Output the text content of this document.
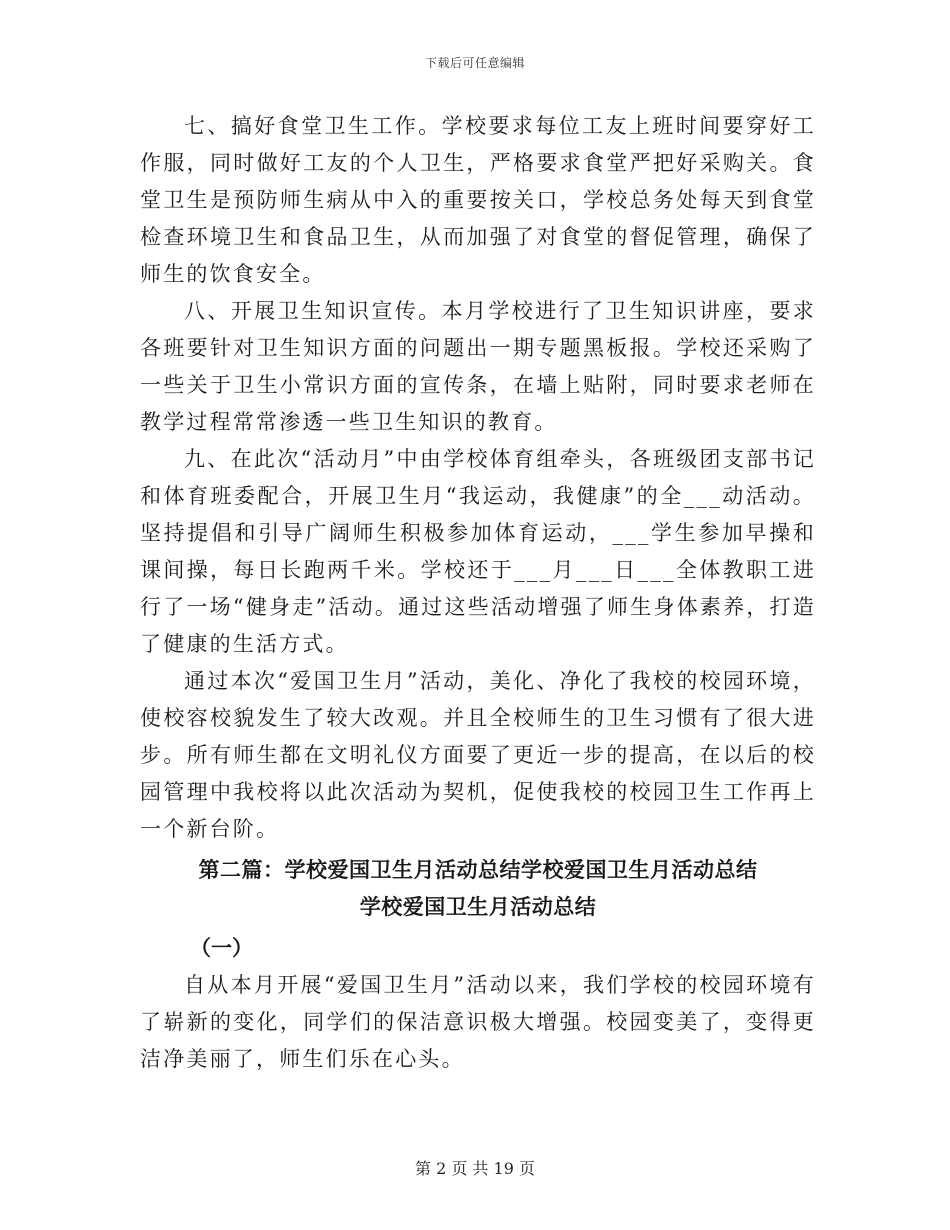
下载后可任意编辑

七、搞好食堂卫生工作。学校要求每位工友上班时间要穿好工作服，同时做好工友的个人卫生，严格要求食堂严把好采购关。食堂卫生是预防师生病从中入的重要按关口，学校总务处每天到食堂检查环境卫生和食品卫生，从而加强了对食堂的督促管理，确保了师生的饮食安全。

八、开展卫生知识宣传。本月学校进行了卫生知识讲座，要求各班要针对卫生知识方面的问题出一期专题黑板报。学校还采购了一些关于卫生小常识方面的宣传条，在墙上贴附，同时要求老师在教学过程常常渗透一些卫生知识的教育。

九、在此次“活动月”中由学校体育组牵头，各班级团支部书记和体育班委配合，开展卫生月“我运动，我健康”的全___动活动。坚持提倡和引导广阔师生积极参加体育运动，___学生参加早操和课间操，每日长跑两千米。学校还于___月___日___全体教职工进行了一场“健身走”活动。通过这些活动增强了师生身体素养，打造了健康的生活方式。

通过本次“爱国卫生月”活动，美化、净化了我校的校园环境，使校容校貌发生了较大改观。并且全校师生的卫生习惯有了很大进步。所有师生都在文明礼仪方面要了更近一步的提高，在以后的校园管理中我校将以此次活动为契机，促使我校的校园卫生工作再上一个新台阶。

第二篇：学校爱国卫生月活动总结学校爱国卫生月活动总结

学校爱国卫生月活动总结

（一）

自从本月开展“爱国卫生月”活动以来，我们学校的校园环境有了崭新的变化，同学们的保洁意识极大增强。校园变美了，变得更洁净美丽了，师生们乐在心头。

第 2 页 共 19 页
